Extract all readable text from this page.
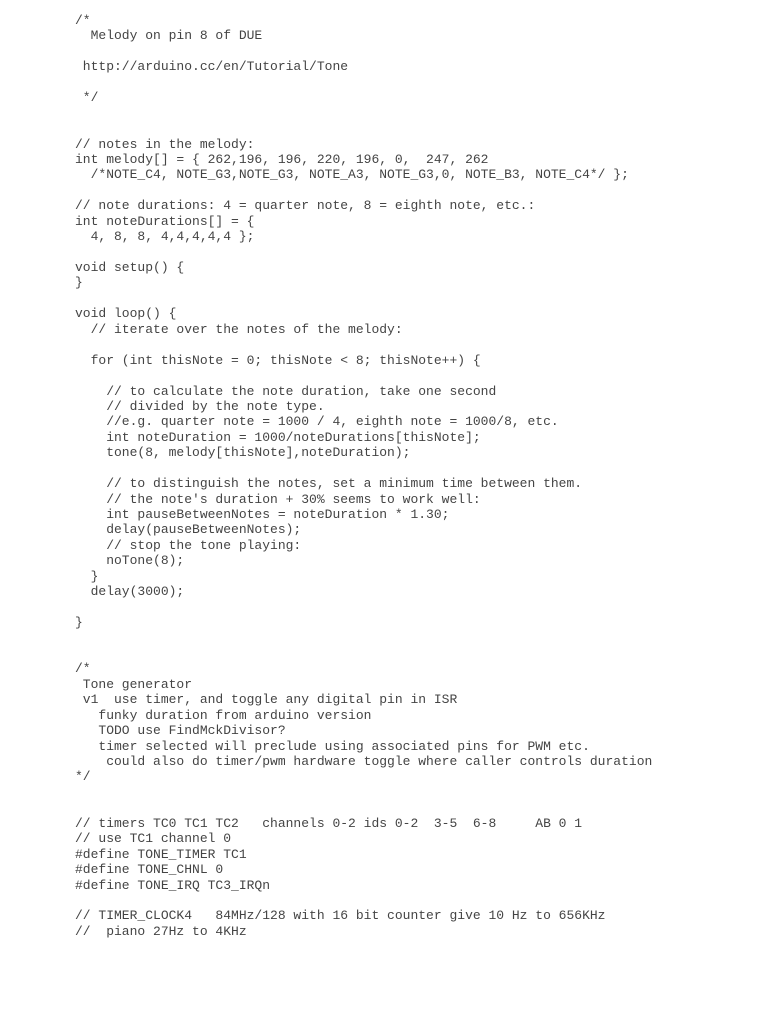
/*
Melody on pin 8 of DUE
http://arduino.cc/en/Tutorial/Tone
*/
// notes in the melody:
int melody[] = { 262,196, 196, 220, 196, 0,  247, 262
/*NOTE_C4, NOTE_G3,NOTE_G3, NOTE_A3, NOTE_G3,0, NOTE_B3, NOTE_C4*/ };
// note durations: 4 = quarter note, 8 = eighth note, etc.:
int noteDurations[] = {
4, 8, 8, 4,4,4,4,4 };
void setup() {
}
void loop() {
// iterate over the notes of the melody:
for (int thisNote = 0; thisNote < 8; thisNote++) {
// to calculate the note duration, take one second
// divided by the note type.
//e.g. quarter note = 1000 / 4, eighth note = 1000/8, etc.
int noteDuration = 1000/noteDurations[thisNote];
tone(8, melody[thisNote],noteDuration);
// to distinguish the notes, set a minimum time between them.
// the note's duration + 30% seems to work well:
int pauseBetweenNotes = noteDuration * 1.30;
delay(pauseBetweenNotes);
// stop the tone playing:
noTone(8);
}
delay(3000);
}
/*
Tone generator
v1  use timer, and toggle any digital pin in ISR
funky duration from arduino version
TODO use FindMckDivisor?
timer selected will preclude using associated pins for PWM etc.
could also do timer/pwm hardware toggle where caller controls duration
*/
// timers TC0 TC1 TC2   channels 0-2 ids 0-2  3-5  6-8     AB 0 1
// use TC1 channel 0
#define TONE_TIMER TC1
#define TONE_CHNL 0
#define TONE_IRQ TC3_IRQn
// TIMER_CLOCK4   84MHz/128 with 16 bit counter give 10 Hz to 656KHz
//  piano 27Hz to 4KHz
